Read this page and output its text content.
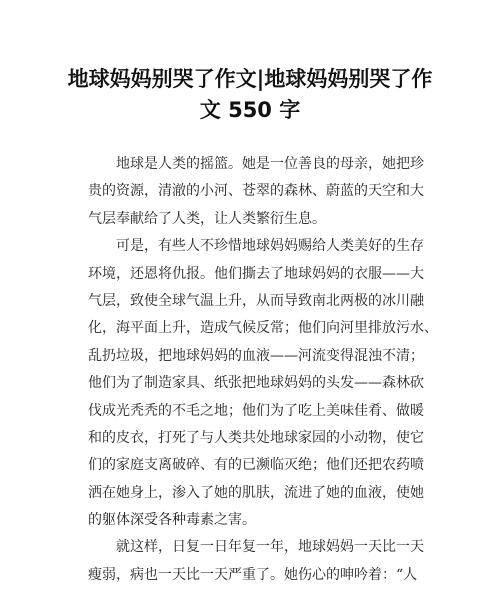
地球妈妈别哭了作文|地球妈妈别哭了作
文 550 字
　　地球是人类的摇篮。她是一位善良的母亲，她把珍
贵的资源，清澈的小河、苍翠的森林、蔚蓝的天空和大
气层奉献给了人类，让人类繁衍生息。
　　可是，有些人不珍惜地球妈妈赐给人类美好的生存
环境，还恩将仇报。他们撕去了地球妈妈的衣服——大
气层，致使全球气温上升，从而导致南北两极的冰川融
化，海平面上升，造成气候反常；他们向河里排放污水、
乱扔垃圾，把地球妈妈的血液——河流变得混浊不清；
他们为了制造家具、纸张把地球妈妈的头发——森林砍
伐成光秃秃的不毛之地；他们为了吃上美味佳肴、做暖
和的皮衣，打死了与人类共处地球家园的小动物，使它
们的家庭支离破碎、有的已濒临灭绝；他们还把农药喷
洒在她身上，渗入了她的肌肤，流进了她的血液，使她
的躯体深受各种毒素之害。
　　就这样，日复一日年复一年，地球妈妈一天比一天
瘦弱，病也一天比一天严重了。她伤心的呻吟着：“人
